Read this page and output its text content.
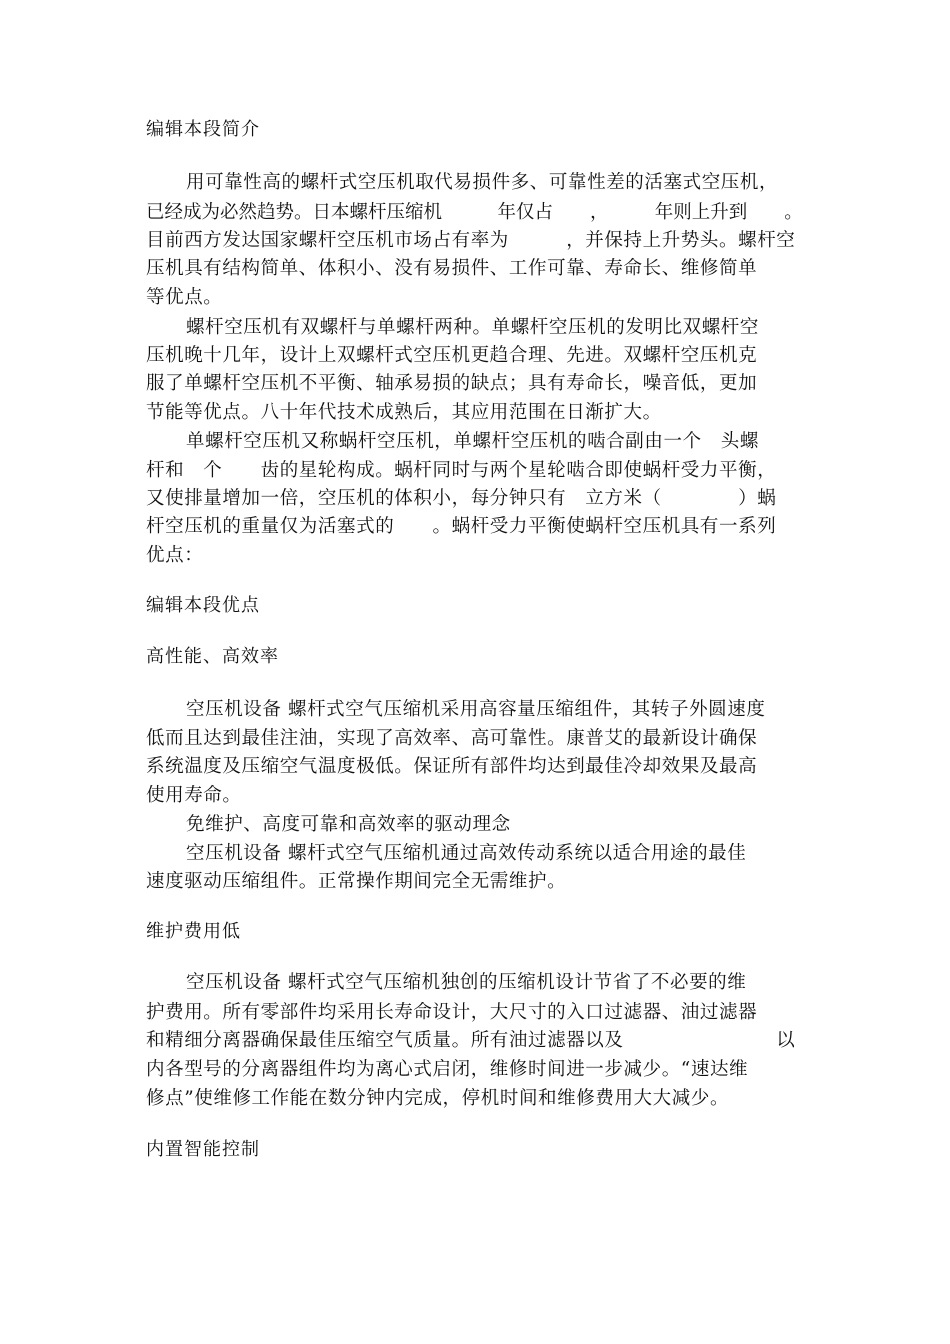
编辑本段简介
用可靠性高的螺杆式空压机取代易损件多、可靠性差的活塞式空压机，
已经成为必然趋势。日本螺杆压缩机　　　年仅占　　，　　　年则上升到　　。
目前西方发达国家螺杆空压机市场占有率为　　　，并保持上升势头。螺杆空
压机具有结构简单、体积小、没有易损件、工作可靠、寿命长、维修简单
等优点。
螺杆空压机有双螺杆与单螺杆两种。单螺杆空压机的发明比双螺杆空
压机晚十几年，设计上双螺杆式空压机更趋合理、先进。双螺杆空压机克
服了单螺杆空压机不平衡、轴承易损的缺点；具有寿命长，噪音低，更加
节能等优点。八十年代技术成熟后，其应用范围在日渐扩大。
单螺杆空压机又称蜗杆空压机，单螺杆空压机的啮合副由一个　头螺
杆和　个　　齿的星轮构成。蜗杆同时与两个星轮啮合即使蜗杆受力平衡，
又使排量增加一倍，空压机的体积小，每分钟只有　立方米（　　　　）蜗
杆空压机的重量仅为活塞式的　　。蜗杆受力平衡使蜗杆空压机具有一系列
优点：
编辑本段优点
高性能、高效率
空压机设备 螺杆式空气压缩机采用高容量压缩组件，其转子外圆速度
低而且达到最佳注油，实现了高效率、高可靠性。康普艾的最新设计确保
系统温度及压缩空气温度极低。保证所有部件均达到最佳冷却效果及最高
使用寿命。
免维护、高度可靠和高效率的驱动理念
空压机设备 螺杆式空气压缩机通过高效传动系统以适合用途的最佳
速度驱动压缩组件。正常操作期间完全无需维护。
维护费用低
空压机设备 螺杆式空气压缩机独创的压缩机设计节省了不必要的维
护费用。所有零部件均采用长寿命设计，大尺寸的入口过滤器、油过滤器
和精细分离器确保最佳压缩空气质量。所有油过滤器以及　　　　　　　　以
内各型号的分离器组件均为离心式启闭，维修时间进一步减少。“速达维
修点”使维修工作能在数分钟内完成，停机时间和维修费用大大减少。
内置智能控制
